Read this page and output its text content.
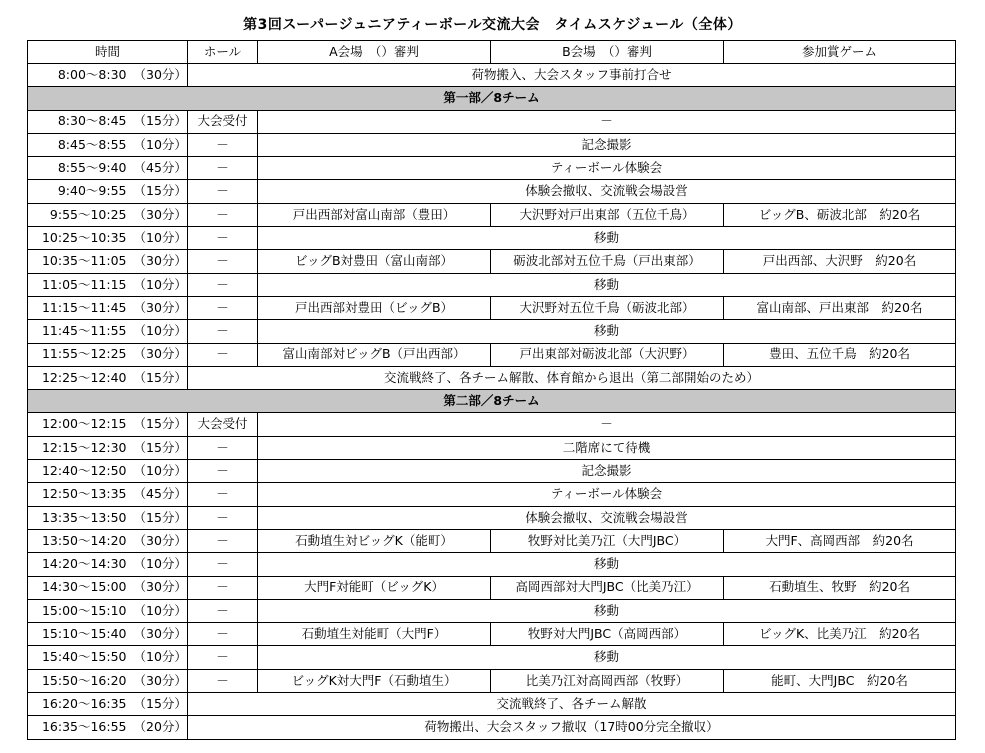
第3回スーパージュニアティーボール交流大会　タイムスケジュール（全体）
時間		ホール	A会場　（）審判	B会場　（）審判	参加賞ゲーム
8:00〜8:30	（30分）	荷物搬入、大会スタッフ事前打合せ			
第一部／8チーム					
8:30〜8:45	（15分）	大会受付	－		
8:45〜8:55	（10分）	－	記念撮影		
8:55〜9:40	（45分）	－	ティーボール体験会		
9:40〜9:55	（15分）	－	体験会撤収、交流戦会場設営		
9:55〜10:25	（30分）	－	戸出西部対富山南部（豊田）	大沢野対戸出東部（五位千鳥）	ビッグB、砺波北部　約20名
10:25〜10:35	（10分）	－	移動		
10:35〜11:05	（30分）	－	ビッグB対豊田（富山南部）	砺波北部対五位千鳥（戸出東部）	戸出西部、大沢野　約20名
11:05〜11:15	（10分）	－	移動		
11:15〜11:45	（30分）	－	戸出西部対豊田（ビッグB）	大沢野対五位千鳥（砺波北部）	富山南部、戸出東部　約20名
11:45〜11:55	（10分）	－	移動		
11:55〜12:25	（30分）	－	富山南部対ビッグB（戸出西部）	戸出東部対砺波北部（大沢野）	豊田、五位千鳥　約20名
12:25〜12:40	（15分）	交流戦終了、各チーム解散、体育館から退出（第二部開始のため）			
第二部／8チーム					
12:00〜12:15	（15分）	大会受付	－		
12:15〜12:30	（15分）	－	二階席にて待機		
12:40〜12:50	（10分）	－	記念撮影		
12:50〜13:35	（45分）	－	ティーボール体験会		
13:35〜13:50	（15分）	－	体験会撤収、交流戦会場設営		
13:50〜14:20	（30分）	－	石動埴生対ビッグK（能町）	牧野対比美乃江（大門JBC）	大門F、高岡西部　約20名
14:20〜14:30	（10分）	－	移動		
14:30〜15:00	（30分）	－	大門F対能町（ビッグK）	高岡西部対大門JBC（比美乃江）	石動埴生、牧野　約20名
15:00〜15:10	（10分）	－	移動		
15:10〜15:40	（30分）	－	石動埴生対能町（大門F）	牧野対大門JBC（高岡西部）	ビッグK、比美乃江　約20名
15:40〜15:50	（10分）	－	移動		
15:50〜16:20	（30分）	－	ビッグK対大門F（石動埴生）	比美乃江対高岡西部（牧野）	能町、大門JBC　約20名
16:20〜16:35	（15分）	交流戦終了、各チーム解散			
16:35〜16:55	（20分）	荷物搬出、大会スタッフ撤収（17時00分完全撤収）			
